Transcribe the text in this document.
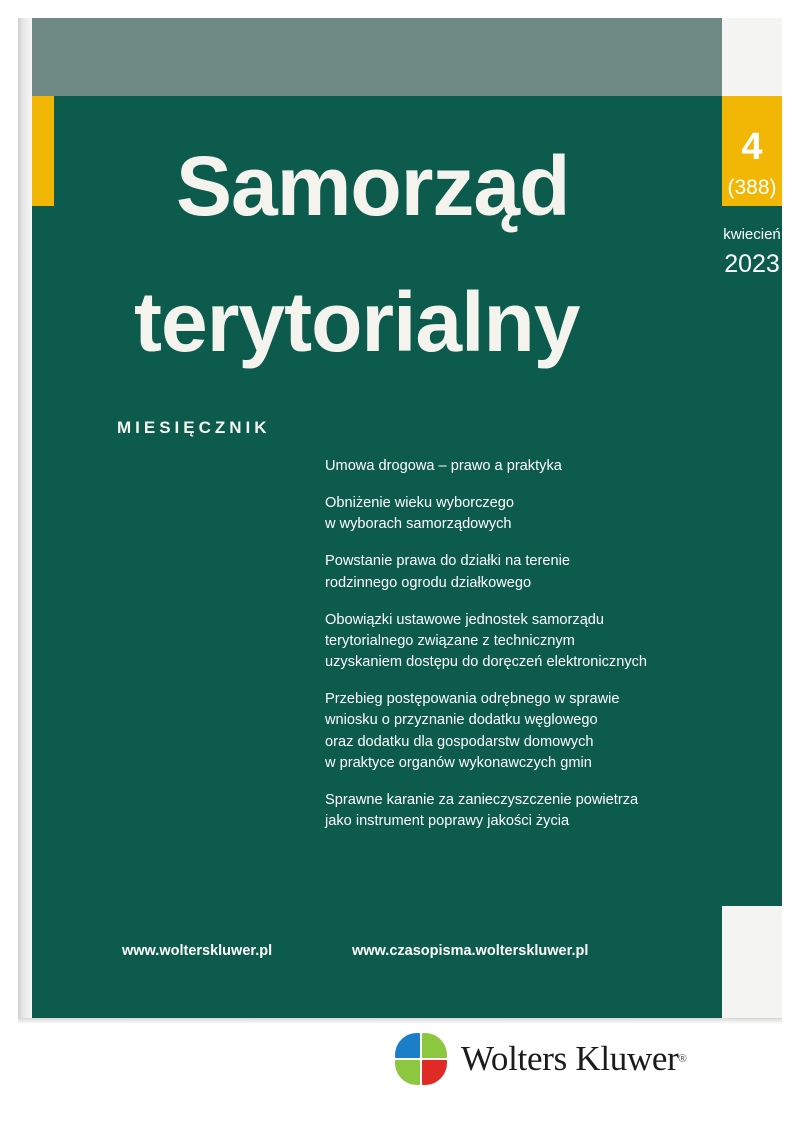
4
(388)
kwiecień
2023
Samorząd
terytorialny
MIESIĘCZNIK
Umowa drogowa – prawo a praktyka
Obniżenie wieku wyborczego
w wyborach samorządowych
Powstanie prawa do działki na terenie
rodzinnego ogrodu działkowego
Obowiązki ustawowe jednostek samorządu
terytorialnego związane z technicznym
uzyskaniem dostępu do doręczeń elektronicznych
Przebieg postępowania odrębnego w sprawie
wniosku o przyznanie dodatku węglowego
oraz dodatku dla gospodarstw domowych
w praktyce organów wykonawczych gmin
Sprawne karanie za zanieczyszczenie powietrza
jako instrument poprawy jakości życia
www.wolterskluwer.pl	www.czasopisma.wolterskluwer.pl
Wolters Kluwer ®
